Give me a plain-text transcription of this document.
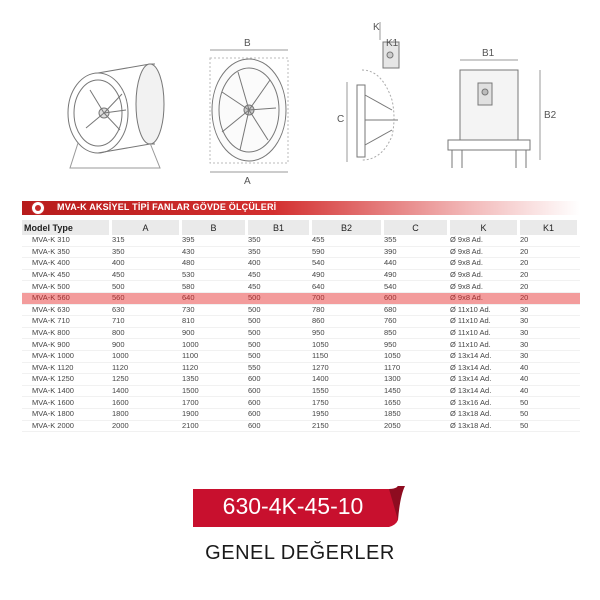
B
A
K
K1
C
B1
B2
MVA-K AKSİYEL TİPİ FANLAR GÖVDE ÖLÇÜLERİ
Model Type	A	B	B1	B2	C	K	K1
MVA-K 310	315	395	350	455	355	Ø 9x8 Ad.	20
MVA-K 350	350	430	350	590	390	Ø 9x8 Ad.	20
MVA-K 400	400	480	400	540	440	Ø 9x8 Ad.	20
MVA-K 450	450	530	450	490	490	Ø 9x8 Ad.	20
MVA-K 500	500	580	450	640	540	Ø 9x8 Ad.	20
MVA-K 560	560	640	500	700	600	Ø 9x8 Ad.	20
MVA-K 630	630	730	500	780	680	Ø 11x10 Ad.	30
MVA-K 710	710	810	500	860	760	Ø 11x10 Ad.	30
MVA-K 800	800	900	500	950	850	Ø 11x10 Ad.	30
MVA-K 900	900	1000	500	1050	950	Ø 11x10 Ad.	30
MVA-K 1000	1000	1100	500	1150	1050	Ø 13x14 Ad.	30
MVA-K 1120	1120	1120	550	1270	1170	Ø 13x14 Ad.	40
MVA-K 1250	1250	1350	600	1400	1300	Ø 13x14 Ad.	40
MVA-K 1400	1400	1500	600	1550	1450	Ø 13x14 Ad.	40
MVA-K 1600	1600	1700	600	1750	1650	Ø 13x16 Ad.	50
MVA-K 1800	1800	1900	600	1950	1850	Ø 13x18 Ad.	50
MVA-K 2000	2000	2100	600	2150	2050	Ø 13x18 Ad.	50
630-4K-45-10
GENEL DEĞERLER
